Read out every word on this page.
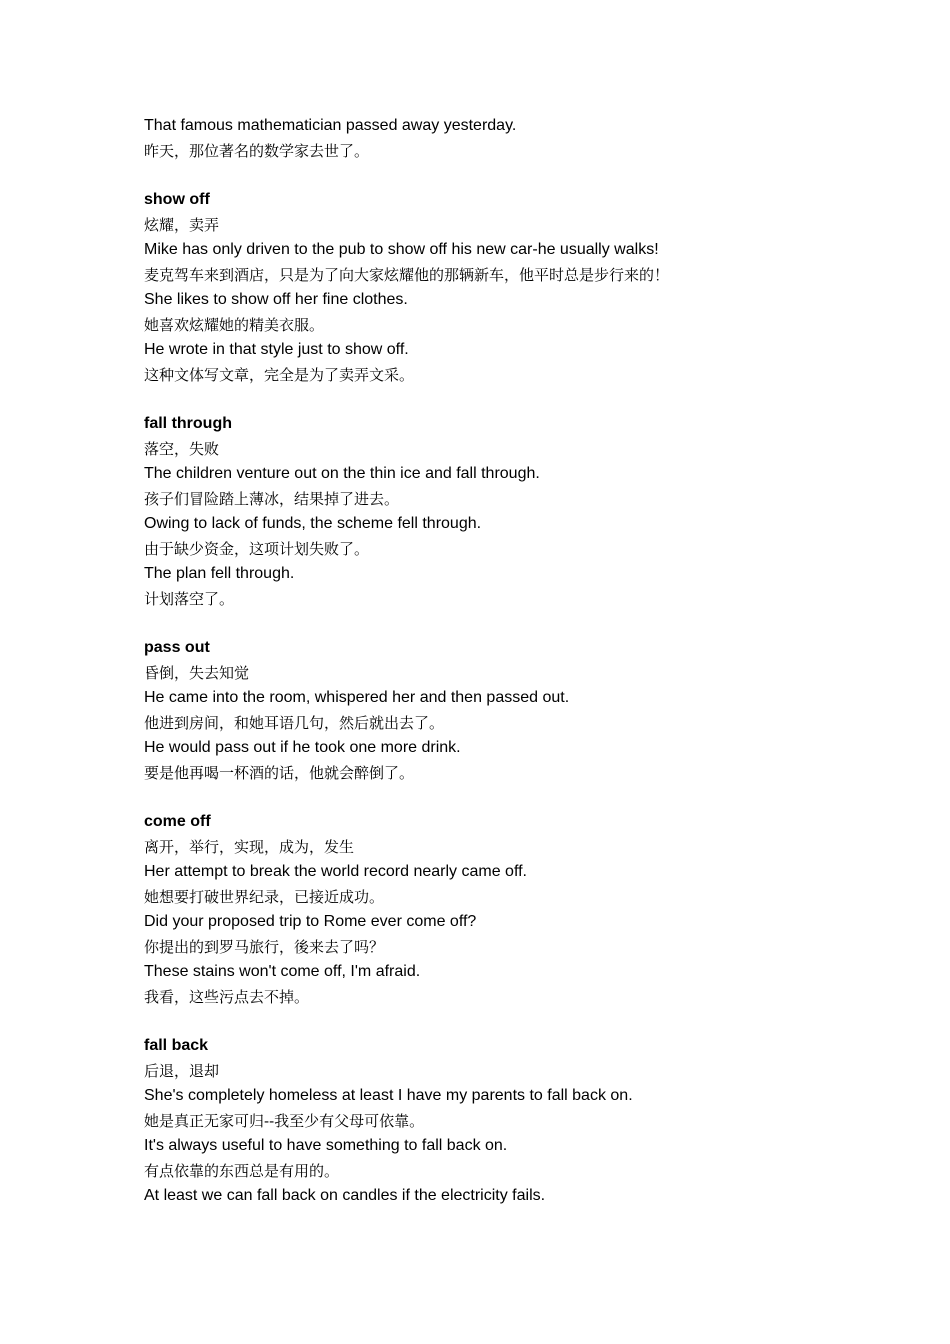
That famous mathematician passed away yesterday.
昨天，那位著名的数学家去世了。
show off
炫耀，卖弄
Mike has only driven to the pub to show off his new car-he usually walks!
麦克驾车来到酒店，只是为了向大家炫耀他的那辆新车，他平时总是步行来的！
She likes to show off her fine clothes.
她喜欢炫耀她的精美衣服。
He wrote in that style just to show off.
这种文体写文章，完全是为了卖弄文采。
fall through
落空，失败
The children venture out on the thin ice and fall through.
孩子们冒险踏上薄冰，结果掉了进去。
Owing to lack of funds, the scheme fell through.
由于缺少资金，这项计划失败了。
The plan fell through.
计划落空了。
pass out
昏倒，失去知觉
He came into the room, whispered her and then passed out.
他进到房间，和她耳语几句，然后就出去了。
He would pass out if he took one more drink.
要是他再喝一杯酒的话，他就会醉倒了。
come off
离开，举行，实现，成为，发生
Her attempt to break the world record nearly came off.
她想要打破世界纪录，已接近成功。
Did your proposed trip to Rome ever come off?
你提出的到罗马旅行，後来去了吗？
These stains won't come off, I'm afraid.
我看，这些污点去不掉。
fall back
后退，退却
She's completely homeless at least I have my parents to fall back on.
她是真正无家可归--我至少有父母可依靠。
It's always useful to have something to fall back on.
有点依靠的东西总是有用的。
At least we can fall back on candles if the electricity fails.
